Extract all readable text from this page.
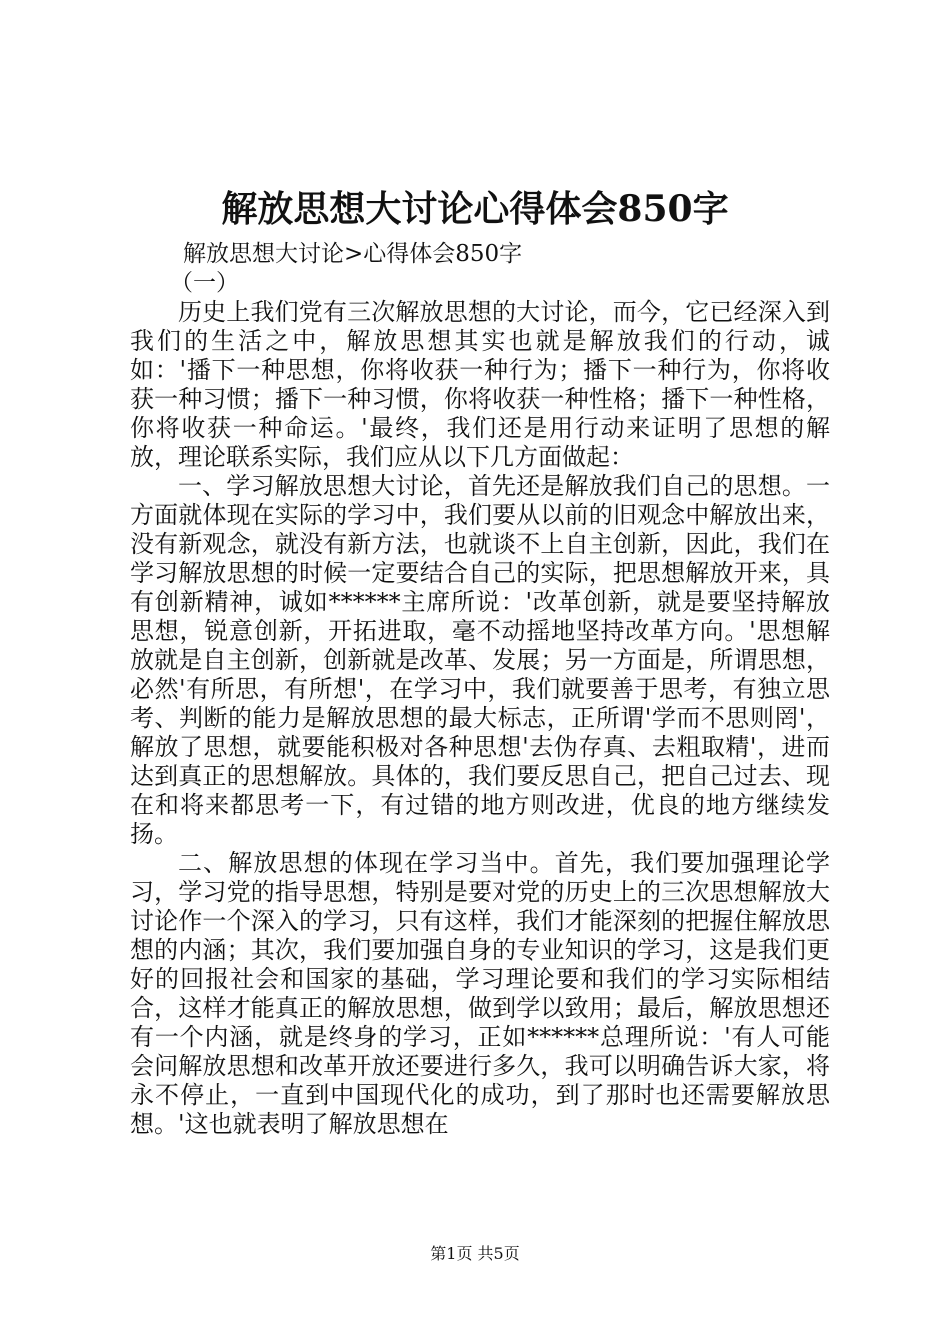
解放思想大讨论心得体会850字
解放思想大讨论>心得体会850字
（一）

历史上我们党有三次解放思想的大讨论，而今，它已经深入到我们的生活之中，解放思想其实也就是解放我们的行动，诚如：'播下一种思想，你将收获一种行为；播下一种行为，你将收获一种习惯；播下一种习惯，你将收获一种性格；播下一种性格，你将收获一种命运。'最终，我们还是用行动来证明了思想的解放，理论联系实际，我们应从以下几方面做起：

一、学习解放思想大讨论，首先还是解放我们自己的思想。一方面就体现在实际的学习中，我们要从以前的旧观念中解放出来，没有新观念，就没有新方法，也就谈不上自主创新，因此，我们在学习解放思想的时候一定要结合自己的实际，把思想解放开来，具有创新精神，诚如******主席所说：'改革创新，就是要坚持解放思想，锐意创新，开拓进取，毫不动摇地坚持改革方向。'思想解放就是自主创新，创新就是改革、发展；另一方面是，所谓思想，必然'有所思，有所想'，在学习中，我们就要善于思考，有独立思考、判断的能力是解放思想的最大标志，正所谓'学而不思则罔'，解放了思想，就要能积极对各种思想'去伪存真、去粗取精'，进而达到真正的思想解放。具体的，我们要反思自己，把自己过去、现在和将来都思考一下，有过错的地方则改进，优良的地方继续发扬。

二、解放思想的体现在学习当中。首先，我们要加强理论学习，学习党的指导思想，特别是要对党的历史上的三次思想解放大讨论作一个深入的学习，只有这样，我们才能深刻的把握住解放思想的内涵；其次，我们要加强自身的专业知识的学习，这是我们更好的回报社会和国家的基础，学习理论要和我们的学习实际相结合，这样才能真正的解放思想，做到学以致用；最后，解放思想还有一个内涵，就是终身的学习，正如******总理所说：'有人可能会问解放思想和改革开放还要进行多久，我可以明确告诉大家，将永不停止，一直到中国现代化的成功，到了那时也还需要解放思想。'这也就表明了解放思想在

第1页 共5页
